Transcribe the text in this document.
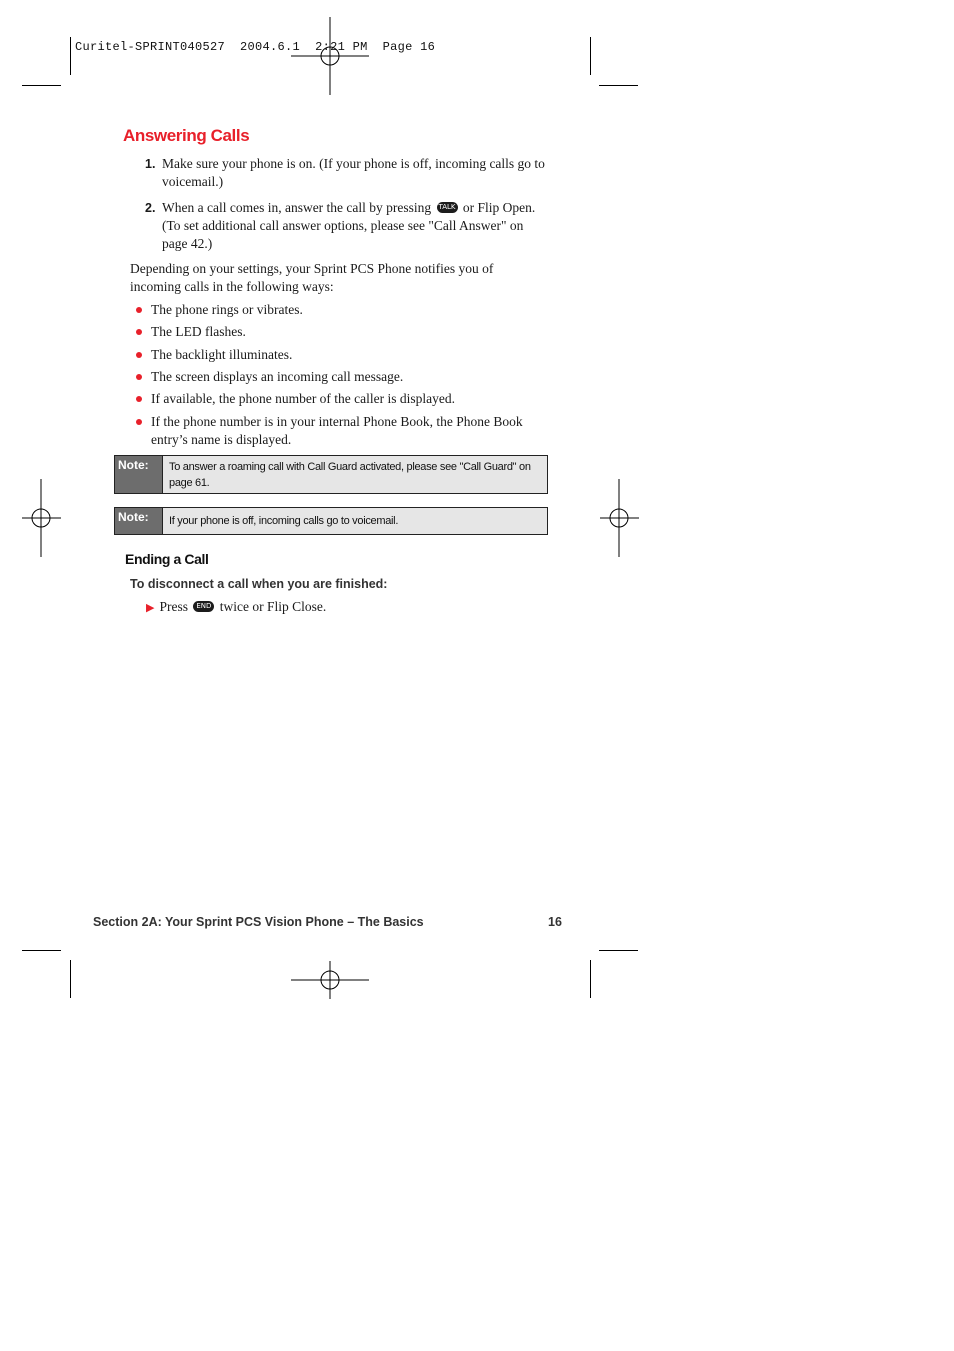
Curitel-SPRINT040527 2004.6.1 2:21 PM Page 16
Answering Calls
1. Make sure your phone is on. (If your phone is off, incoming calls go to voicemail.)
2. When a call comes in, answer the call by pressing TALK or Flip Open. (To set additional call answer options, please see "Call Answer" on page 42.)
Depending on your settings, your Sprint PCS Phone notifies you of incoming calls in the following ways:
The phone rings or vibrates.
The LED flashes.
The backlight illuminates.
The screen displays an incoming call message.
If available, the phone number of the caller is displayed.
If the phone number is in your internal Phone Book, the Phone Book entry’s name is displayed.
Note:	To answer a roaming call with Call Guard activated, please see "Call Guard" on page 61.
Note:	If your phone is off, incoming calls go to voicemail.
Ending a Call
To disconnect a call when you are finished:
▶ Press	END twice or Flip Close.
Section 2A: Your Sprint PCS Vision Phone – The Basics	16
